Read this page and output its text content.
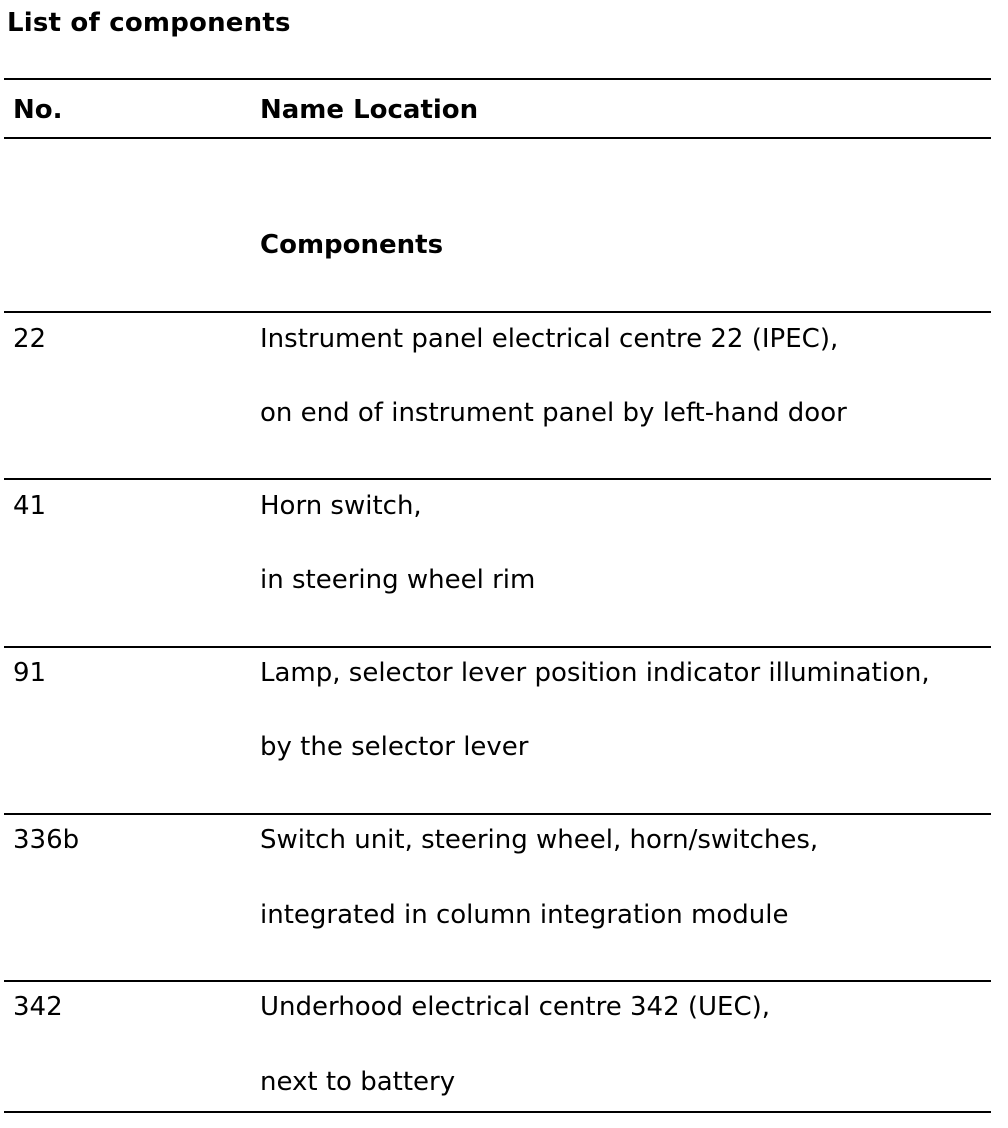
List of components
No.	Name Location
Components
22	Instrument panel electrical centre 22 (IPEC),
on end of instrument panel by left-hand door
41	Horn switch,
in steering wheel rim
91	Lamp, selector lever position indicator illumination,
by the selector lever
336b	Switch unit, steering wheel, horn/switches,
integrated in column integration module
342	Underhood electrical centre 342 (UEC),
next to battery
